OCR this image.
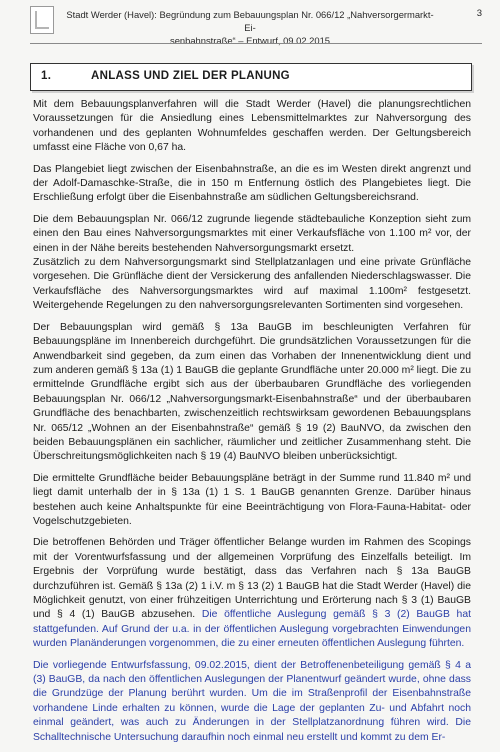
Stadt Werder (Havel): Begründung zum Bebauungsplan Nr. 066/12 „Nahversorgermarkt- Ei-
senbahnstraße“ – Entwurf, 09.02.2015
3
1.	ANLASS UND ZIEL DER PLANUNG

Mit dem Bebauungsplanverfahren will die Stadt Werder (Havel) die planungsrechtlichen Voraussetzungen für die Ansiedlung eines Lebensmittelmarktes zur Nahversorgung des vorhandenen und des geplanten Wohnumfeldes geschaffen werden. Der Geltungsbereich umfasst eine Fläche von 0,67 ha.

Das Plangebiet liegt zwischen der Eisenbahnstraße, an die es im Westen direkt angrenzt und der Adolf-Damaschke-Straße, die in 150 m Entfernung östlich des Plangebietes liegt. Die Erschließung erfolgt über die Eisenbahnstraße am südlichen Geltungsbereichsrand.

Die dem Bebauungsplan Nr. 066/12 zugrunde liegende städtebauliche Konzeption sieht zum einen den Bau eines Nahversorgungsmarktes mit einer Verkaufsfläche von 1.100 m² vor, der einen in der Nähe bereits bestehenden Nahversorgungsmarkt ersetzt.

Zusätzlich zu dem Nahversorgungsmarkt sind Stellplatzanlagen und eine private Grünfläche vorgesehen. Die Grünfläche dient der Versickerung des anfallenden Niederschlagswasser. Die Verkaufsfläche des Nahversorgungsmarktes wird auf maximal 1.100m² festgesetzt. Weitergehende Regelungen zu den nahversorgungsrelevanten Sortimenten sind vorgesehen.

Der Bebauungsplan wird gemäß § 13a BauGB im beschleunigten Verfahren für Bebauungspläne im Innenbereich durchgeführt. Die grundsätzlichen Voraussetzungen für die Anwendbarkeit sind gegeben, da zum einen das Vorhaben der Innenentwicklung dient und zum anderen gemäß § 13a (1) 1 BauGB die geplante Grundfläche unter 20.000 m² liegt. Die zu ermittelnde Grundfläche ergibt sich aus der überbaubaren Grundfläche des vorliegenden Bebauungsplan Nr. 066/12 „Nahversorgungsmarkt-Eisenbahnstraße“ und der überbaubaren Grundfläche des benachbarten, zwischenzeitlich rechtswirksam gewordenen Bebauungsplans Nr. 065/12 „Wohnen an der Eisenbahnstraße“ gemäß § 19 (2) BauNVO, da zwischen den beiden Bebauungsplänen ein sachlicher, räumlicher und zeitlicher Zusammenhang steht. Die Überschreitungsmöglichkeiten nach § 19 (4) BauNVO bleiben unberücksichtigt.

Die ermittelte Grundfläche beider Bebauungspläne beträgt in der Summe rund 11.840 m² und liegt damit unterhalb der in § 13a (1) 1 S. 1 BauGB genannten Grenze. Darüber hinaus bestehen auch keine Anhaltspunkte für eine Beeinträchtigung von Flora-Fauna-Habitat- oder Vogelschutzgebieten.

Die betroffenen Behörden und Träger öffentlicher Belange wurden im Rahmen des Scopings mit der Vorentwurfsfassung und der allgemeinen Vorprüfung des Einzelfalls beteiligt. Im Ergebnis der Vorprüfung wurde bestätigt, dass das Verfahren nach § 13a BauGB durchzuführen ist. Gemäß § 13a (2) 1 i.V. m § 13 (2) 1 BauGB hat die Stadt Werder (Havel) die Möglichkeit genutzt, von einer frühzeitigen Unterrichtung und Erörterung nach § 3 (1) BauGB und § 4 (1) BauGB abzusehen. Die öffentliche Auslegung gemäß § 3 (2) BauGB hat stattgefunden. Auf Grund der u.a. in der öffentlichen Auslegung vorgebrachten Einwendungen wurden Planänderungen vorgenommen, die zu einer erneuten öffentlichen Auslegung führten.

Die vorliegende Entwurfsfassung, 09.02.2015, dient der Betroffenenbeteiligung gemäß § 4 a (3) BauGB, da nach den öffentlichen Auslegungen der Planentwurf geändert wurde, ohne dass die Grundzüge der Planung berührt wurden. Um die im Straßenprofil der Eisenbahnstraße vorhandene Linde erhalten zu können, wurde die Lage der geplanten Zu- und Abfahrt noch einmal geändert, was auch zu Änderungen in der Stellplatzanordnung führen wird. Die Schalltechnische Untersuchung daraufhin noch einmal neu erstellt und kommt zu dem Er-
